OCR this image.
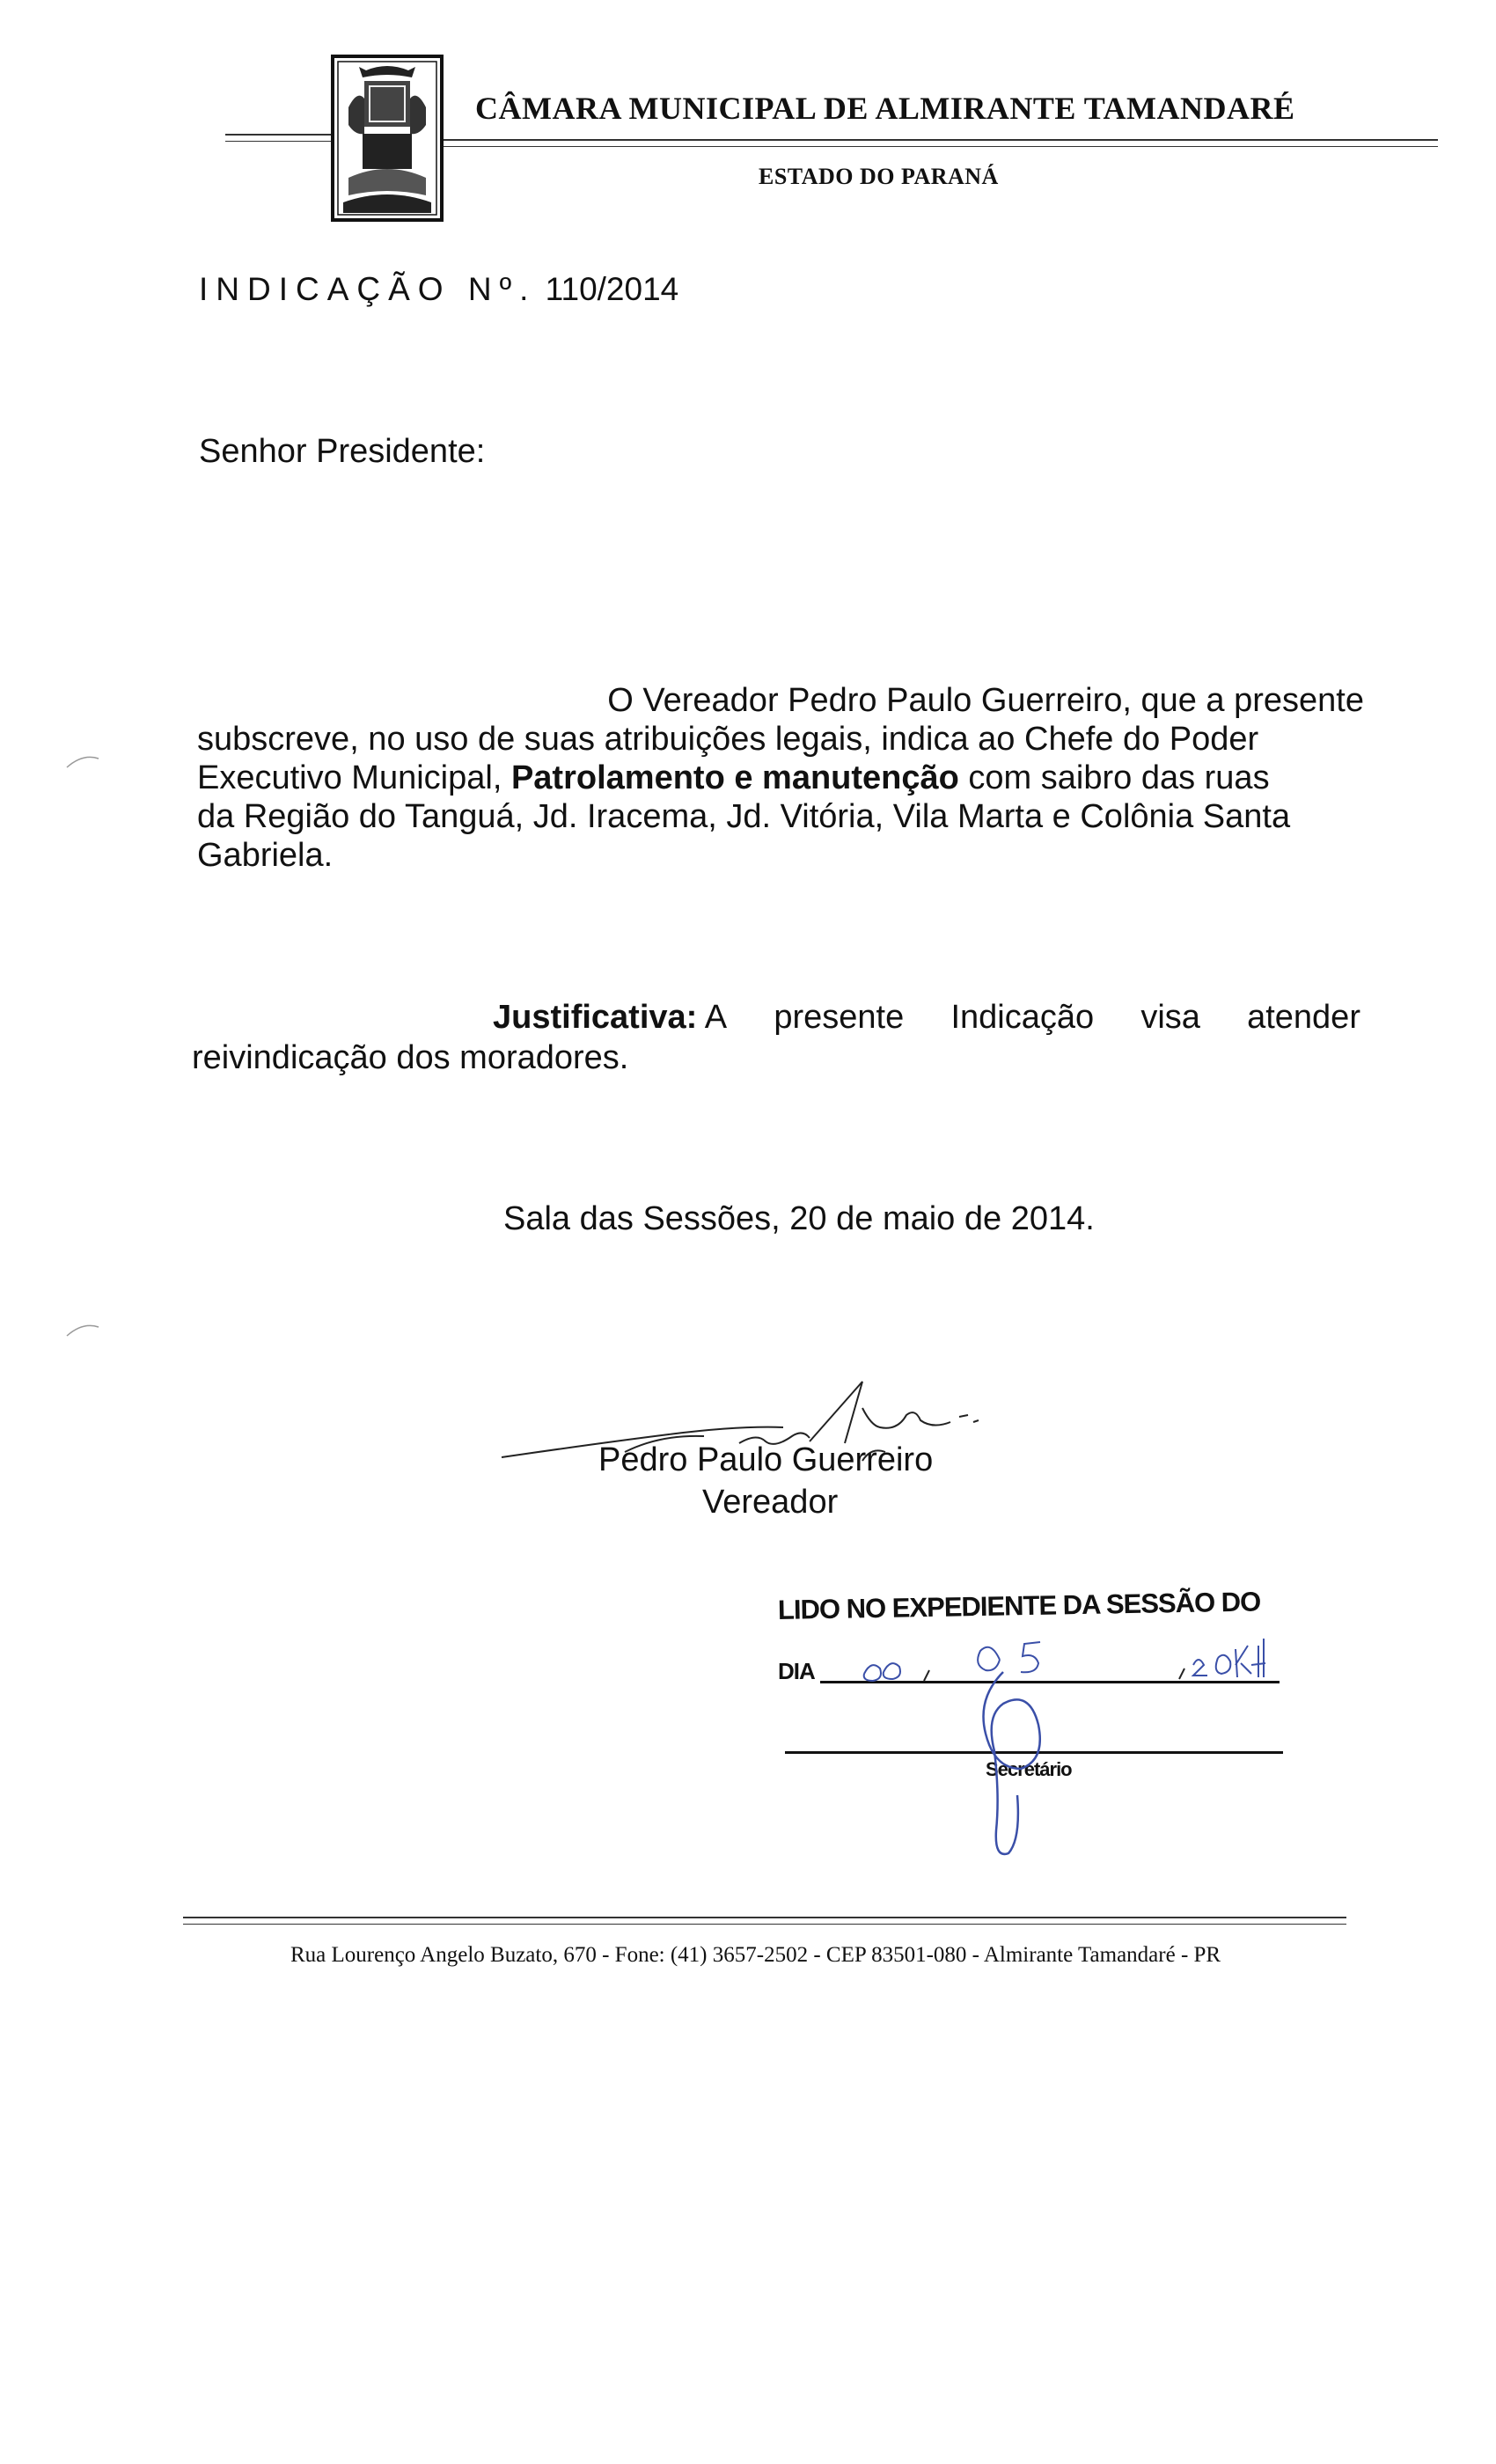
CÂMARA MUNICIPAL DE ALMIRANTE TAMANDARÉ
ESTADO DO PARANÁ
INDICAÇÃO Nº. 110/2014
Senhor Presidente:
O Vereador Pedro Paulo Guerreiro, que a presente
subscreve, no uso de suas atribuições legais, indica ao Chefe do Poder
Executivo Municipal, Patrolamento e manutenção com saibro das ruas
da Região do Tanguá, Jd. Iracema, Jd. Vitória, Vila Marta e Colônia Santa
Gabriela.
Justificativa: A presente Indicação visa atender
reivindicação dos moradores.
Sala das Sessões, 20 de maio de 2014.
Pedro Paulo Guerreiro
Vereador
LIDO NO EXPEDIENTE DA SESSÃO DO
DIA
Secretário
Rua Lourenço Angelo Buzato, 670 - Fone: (41) 3657-2502 - CEP 83501-080 - Almirante Tamandaré - PR
